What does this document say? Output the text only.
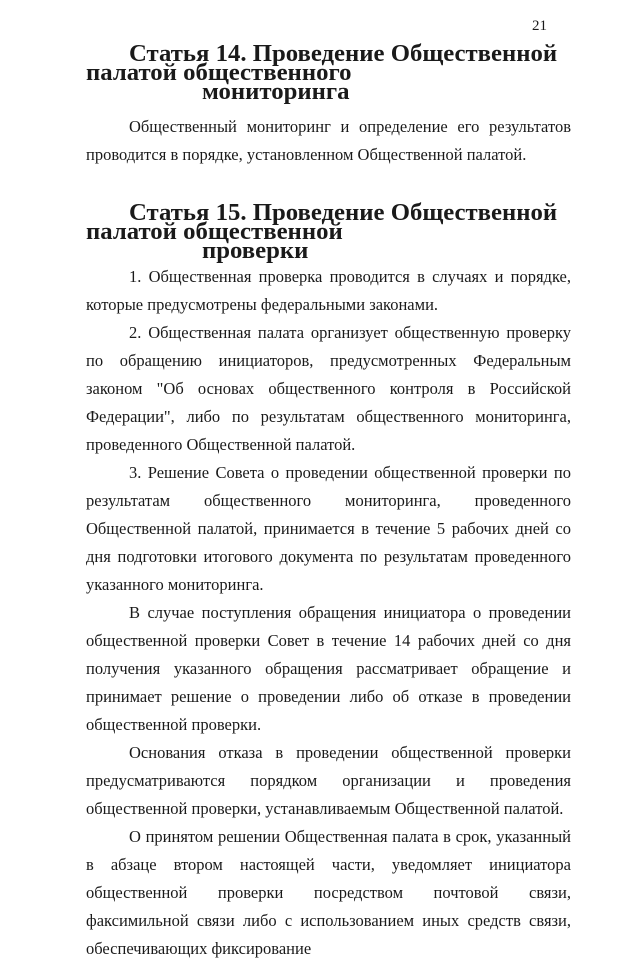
21
Статья 14. Проведение Общественной палатой общественного
мониторинга

Общественный мониторинг и определение его результатов проводится в порядке, установленном Общественной палатой.

Статья 15. Проведение Общественной палатой общественной
проверки

1. Общественная проверка проводится в случаях и порядке, которые предусмотрены федеральными законами.

2. Общественная палата организует общественную проверку по обращению инициаторов, предусмотренных Федеральным законом "Об основах общественного контроля в Российской Федерации", либо по результатам общественного мониторинга, проведенного Общественной палатой.

3. Решение Совета о проведении общественной проверки по результатам общественного мониторинга, проведенного Общественной палатой, принимается в течение 5 рабочих дней со дня подготовки итогового документа по результатам проведенного указанного мониторинга.

В случае поступления обращения инициатора о проведении общественной проверки Совет в течение 14 рабочих дней со дня получения указанного обращения рассматривает обращение и принимает решение о проведении либо об отказе в проведении общественной проверки.

Основания отказа в проведении общественной проверки предусматриваются порядком организации и проведения общественной проверки, устанавливаемым Общественной палатой.

О принятом решении Общественная палата в срок, указанный в абзаце втором настоящей части, уведомляет инициатора общественной проверки посредством почтовой связи, факсимильной связи либо с использованием иных средств связи, обеспечивающих фиксирование
